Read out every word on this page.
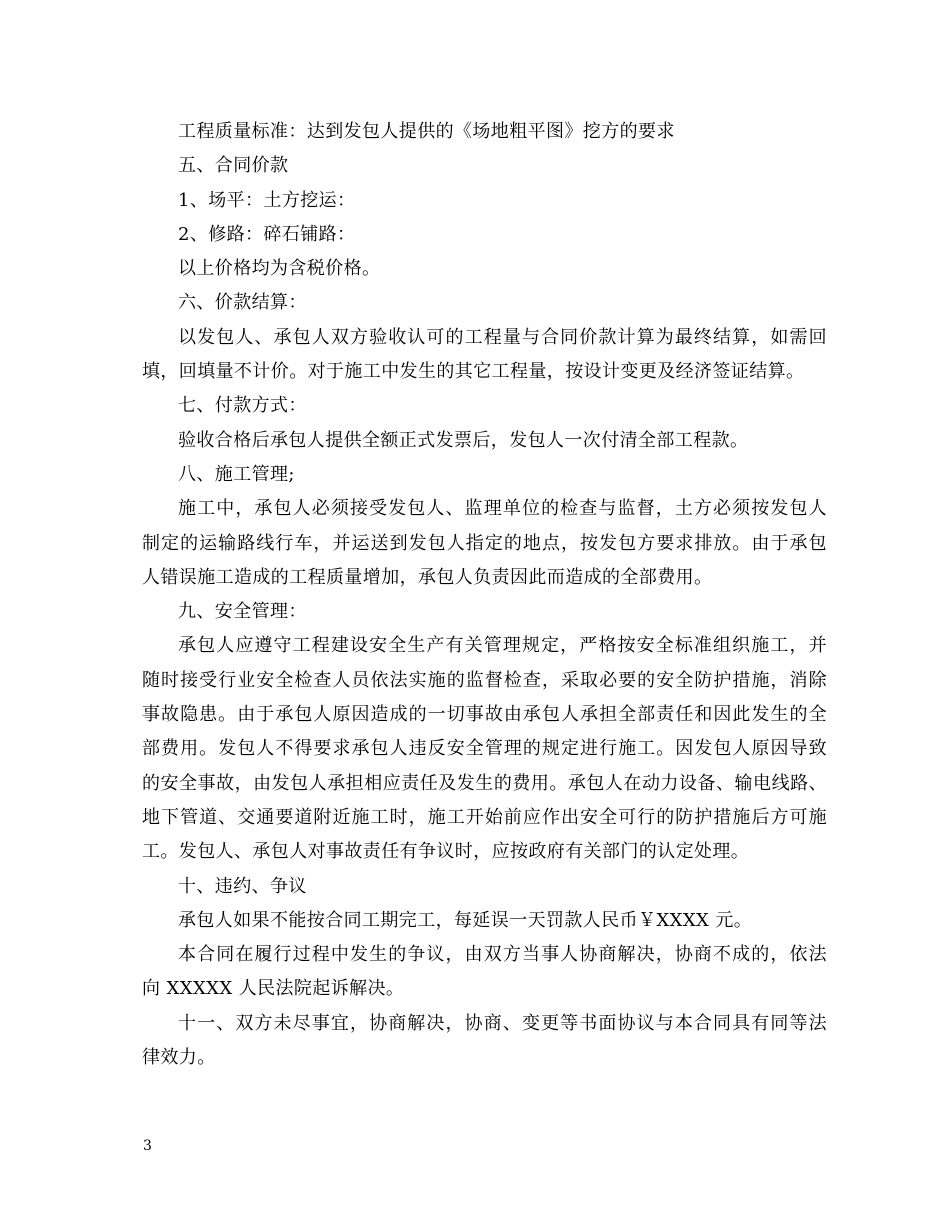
工程质量标准：达到发包人提供的《场地粗平图》挖方的要求
五、合同价款
1、场平：土方挖运：
2、修路：碎石铺路：
以上价格均为含税价格。
六、价款结算：
以发包人、承包人双方验收认可的工程量与合同价款计算为最终结算，如需回
填，回填量不计价。对于施工中发生的其它工程量，按设计变更及经济签证结算。
七、付款方式：
验收合格后承包人提供全额正式发票后，发包人一次付清全部工程款。
八、施工管理;
施工中，承包人必须接受发包人、监理单位的检查与监督，土方必须按发包人
制定的运输路线行车，并运送到发包人指定的地点，按发包方要求排放。由于承包
人错误施工造成的工程质量增加，承包人负责因此而造成的全部费用。
九、安全管理：
承包人应遵守工程建设安全生产有关管理规定，严格按安全标准组织施工，并
随时接受行业安全检查人员依法实施的监督检查，采取必要的安全防护措施，消除
事故隐患。由于承包人原因造成的一切事故由承包人承担全部责任和因此发生的全
部费用。发包人不得要求承包人违反安全管理的规定进行施工。因发包人原因导致
的安全事故，由发包人承担相应责任及发生的费用。承包人在动力设备、输电线路、
地下管道、交通要道附近施工时，施工开始前应作出安全可行的防护措施后方可施
工。发包人、承包人对事故责任有争议时，应按政府有关部门的认定处理。
十、违约、争议
承包人如果不能按合同工期完工，每延误一天罚款人民币￥XXXX 元。
本合同在履行过程中发生的争议，由双方当事人协商解决，协商不成的，依法
向 XXXXX 人民法院起诉解决。
十一、双方未尽事宜，协商解决，协商、变更等书面协议与本合同具有同等法
律效力。
3
